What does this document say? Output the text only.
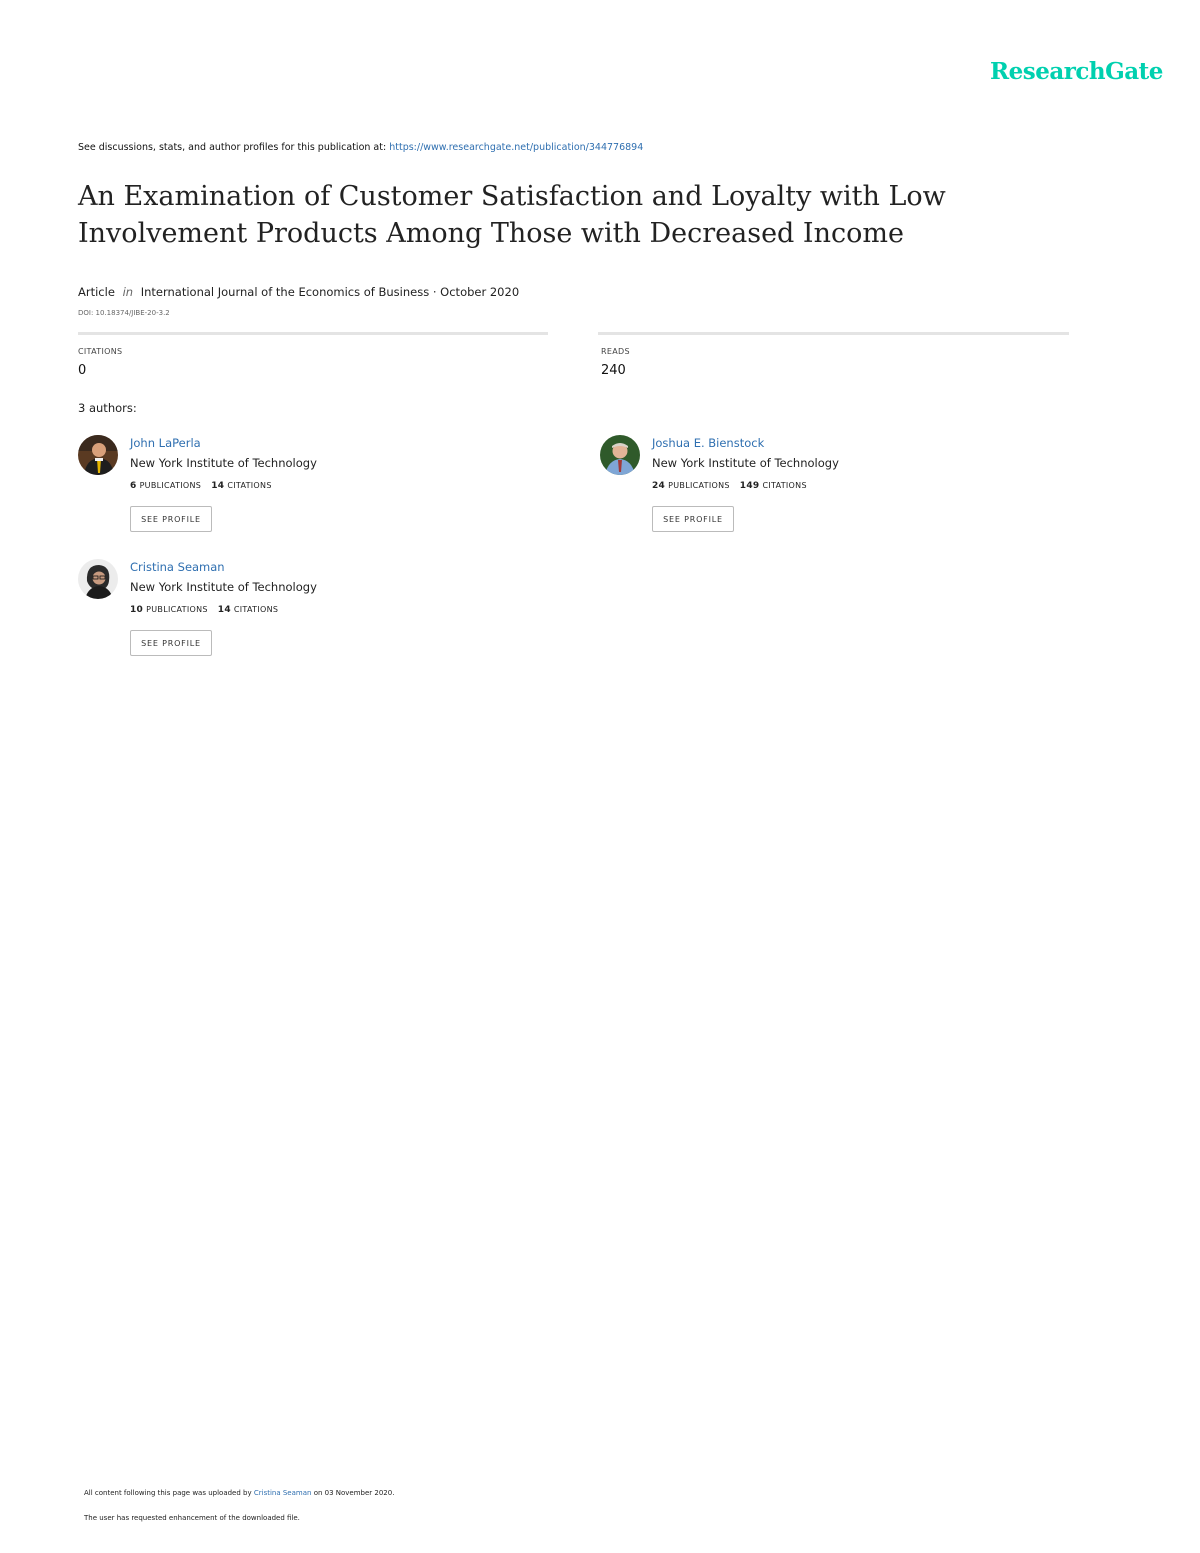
ResearchGate
See discussions, stats, and author profiles for this publication at: https://www.researchgate.net/publication/344776894
An Examination of Customer Satisfaction and Loyalty with Low Involvement Products Among Those with Decreased Income
Article in International Journal of the Economics of Business · October 2020
DOI: 10.18374/JIBE-20-3.2
CITATIONS
0
READS
240
3 authors:
John LaPerla
New York Institute of Technology
6 PUBLICATIONS 14 CITATIONS
SEE PROFILE
Joshua E. Bienstock
New York Institute of Technology
24 PUBLICATIONS 149 CITATIONS
SEE PROFILE
Cristina Seaman
New York Institute of Technology
10 PUBLICATIONS 14 CITATIONS
SEE PROFILE
All content following this page was uploaded by Cristina Seaman on 03 November 2020.
The user has requested enhancement of the downloaded file.
